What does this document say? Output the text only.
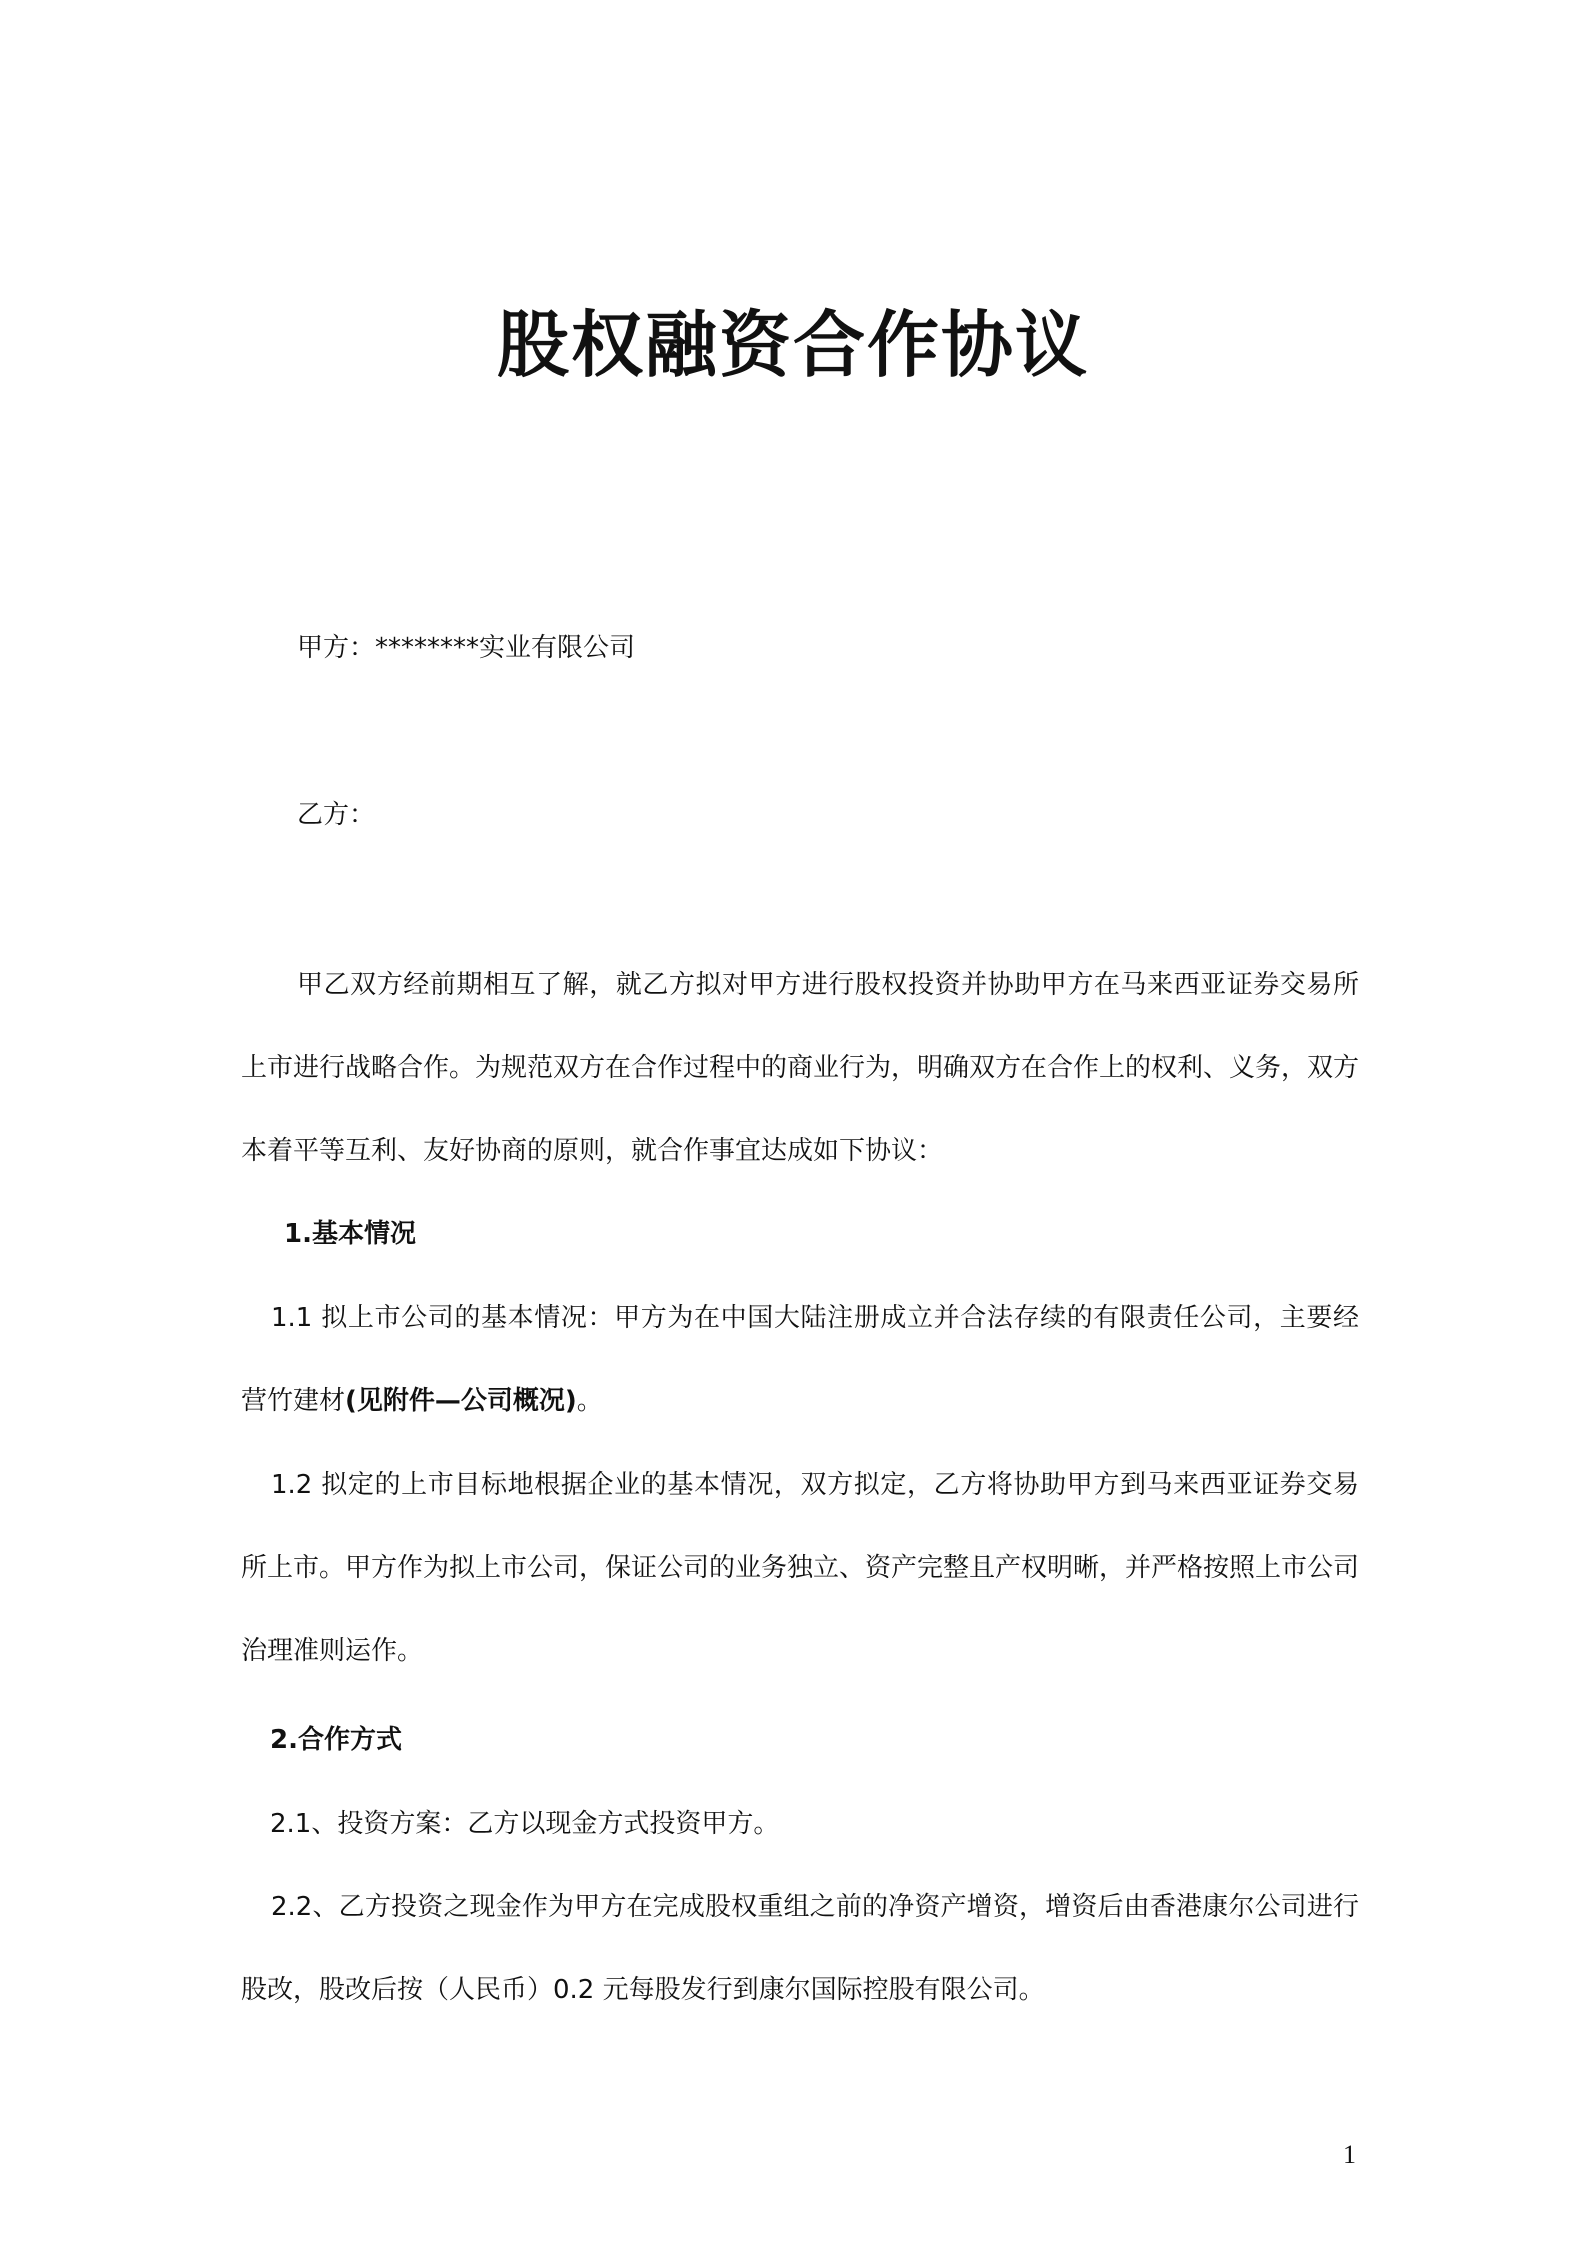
股权融资合作协议

甲方：********实业有限公司

乙方：

甲乙双方经前期相互了解，就乙方拟对甲方进行股权投资并协助甲方在马来西亚证券交易所上市进行战略合作。为规范双方在合作过程中的商业行为，明确双方在合作上的权利、义务，双方本着平等互利、友好协商的原则，就合作事宜达成如下协议：

1.基本情况

1.1 拟上市公司的基本情况：甲方为在中国大陆注册成立并合法存续的有限责任公司，主要经营竹建材(见附件—公司概况)。

1.2 拟定的上市目标地根据企业的基本情况，双方拟定，乙方将协助甲方到马来西亚证券交易所上市。甲方作为拟上市公司，保证公司的业务独立、资产完整且产权明晰，并严格按照上市公司治理准则运作。

2.合作方式

2.1、投资方案：乙方以现金方式投资甲方。

2.2、乙方投资之现金作为甲方在完成股权重组之前的净资产增资，增资后由香港康尔公司进行股改，股改后按（人民币）0.2 元每股发行到康尔国际控股有限公司。

1
